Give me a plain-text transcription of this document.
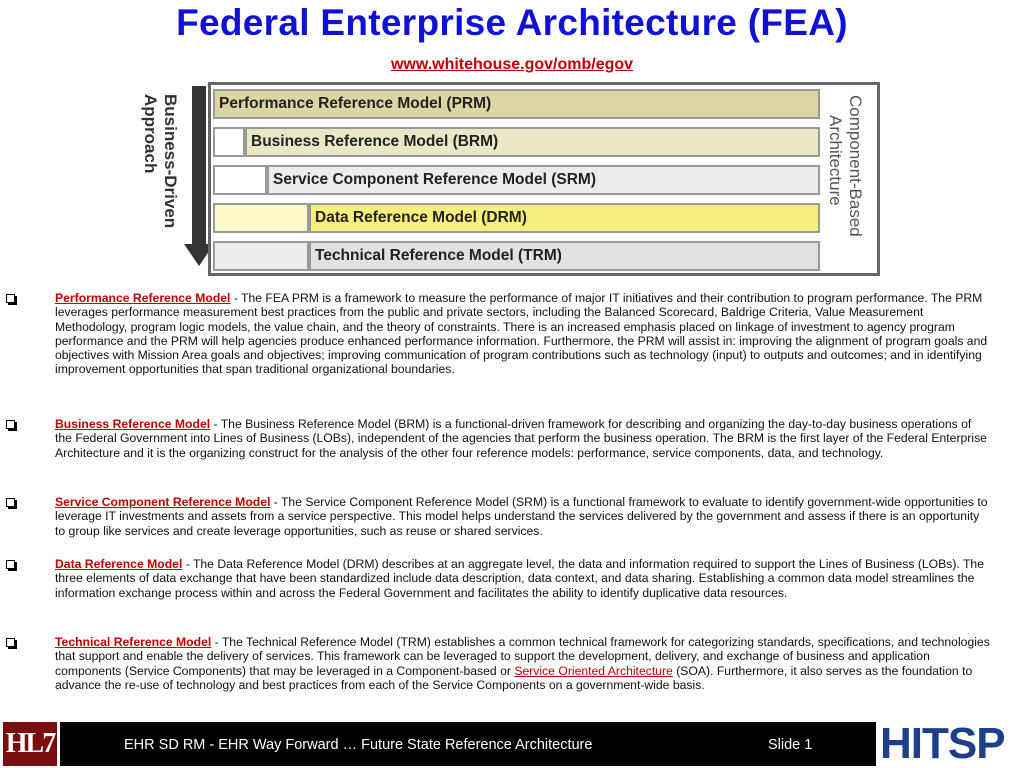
Federal Enterprise Architecture (FEA)
www.whitehouse.gov/omb/egov
Business-Driven
Approach	Performance Reference Model (PRM)
Business Reference Model (BRM)
Service Component Reference Model (SRM)
Data Reference Model (DRM)
Technical Reference Model (TRM)
Component-Based
Architecture
Performance Reference Model - The FEA PRM is a framework to measure the performance of major IT initiatives and their contribution to program performance. The PRM leverages performance measurement best practices from the public and private sectors, including the Balanced Scorecard, Baldrige Criteria, Value Measurement Methodology, program logic models, the value chain, and the theory of constraints. There is an increased emphasis placed on linkage of investment to agency program performance and the PRM will help agencies produce enhanced performance information. Furthermore, the PRM will assist in: improving the alignment of program goals and objectives with Mission Area goals and objectives; improving communication of program contributions such as technology (input) to outputs and outcomes; and in identifying improvement opportunities that span traditional organizational boundaries.
Business Reference Model - The Business Reference Model (BRM) is a functional-driven framework for describing and organizing the day-to-day business operations of the Federal Government into Lines of Business (LOBs), independent of the agencies that perform the business operation. The BRM is the first layer of the Federal Enterprise Architecture and it is the organizing construct for the analysis of the other four reference models: performance, service components, data, and technology.
Service Component Reference Model - The Service Component Reference Model (SRM) is a functional framework to evaluate to identify government-wide opportunities to leverage IT investments and assets from a service perspective. This model helps understand the services delivered by the government and assess if there is an opportunity to group like services and create leverage opportunities, such as reuse or shared services.
Data Reference Model - The Data Reference Model (DRM) describes at an aggregate level, the data and information required to support the Lines of Business (LOBs). The three elements of data exchange that have been standardized include data description, data context, and data sharing. Establishing a common data model streamlines the information exchange process within and across the Federal Government and facilitates the ability to identify duplicative data resources.
Technical Reference Model - The Technical Reference Model (TRM) establishes a common technical framework for categorizing standards, specifications, and technologies that support and enable the delivery of services. This framework can be leveraged to support the development, delivery, and exchange of business and application components (Service Components) that may be leveraged in a Component-based or Service Oriented Architecture (SOA). Furthermore, it also serves as the foundation to advance the re-use of technology and best practices from each of the Service Components on a government-wide basis.
HL7	EHR SD RM - EHR Way Forward … Future State Reference Architecture	Slide 1 HITSP
